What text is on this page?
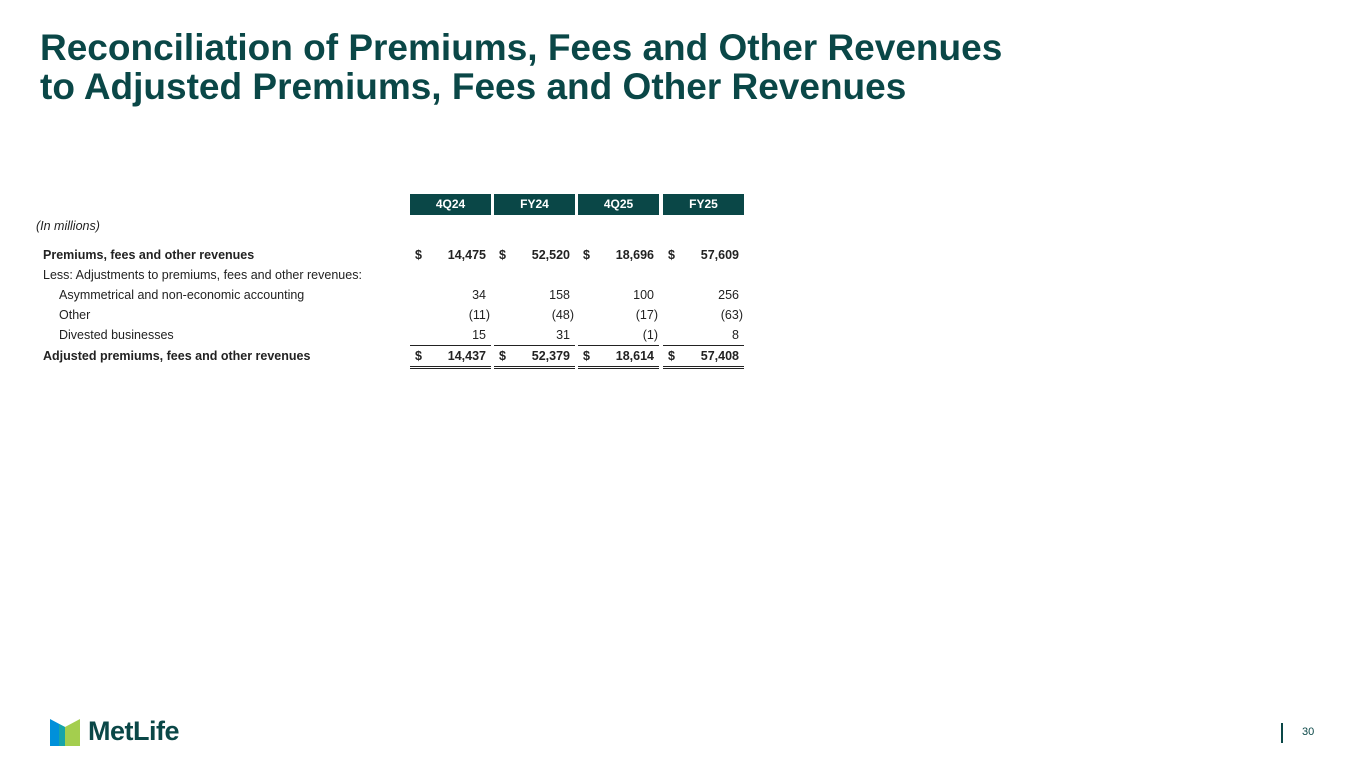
Reconciliation of Premiums, Fees and Other Revenues to Adjusted Premiums, Fees and Other Revenues
4Q24	FY24	4Q25	FY25
(In millions)
Premiums, fees and other revenues	$ 14,475 $ 52,520 $ 18,696 $ 57,609
Less: Adjustments to premiums, fees and other revenues:
Asymmetrical and non-economic accounting	34	158	100	256
Other	(11)	(48)	(17)	(63)
Divested businesses	15	31	(1)	8
Adjusted premiums, fees and other revenues	$ 14,437 $ 52,379 $ 18,614 $ 57,408
MetLife	30
